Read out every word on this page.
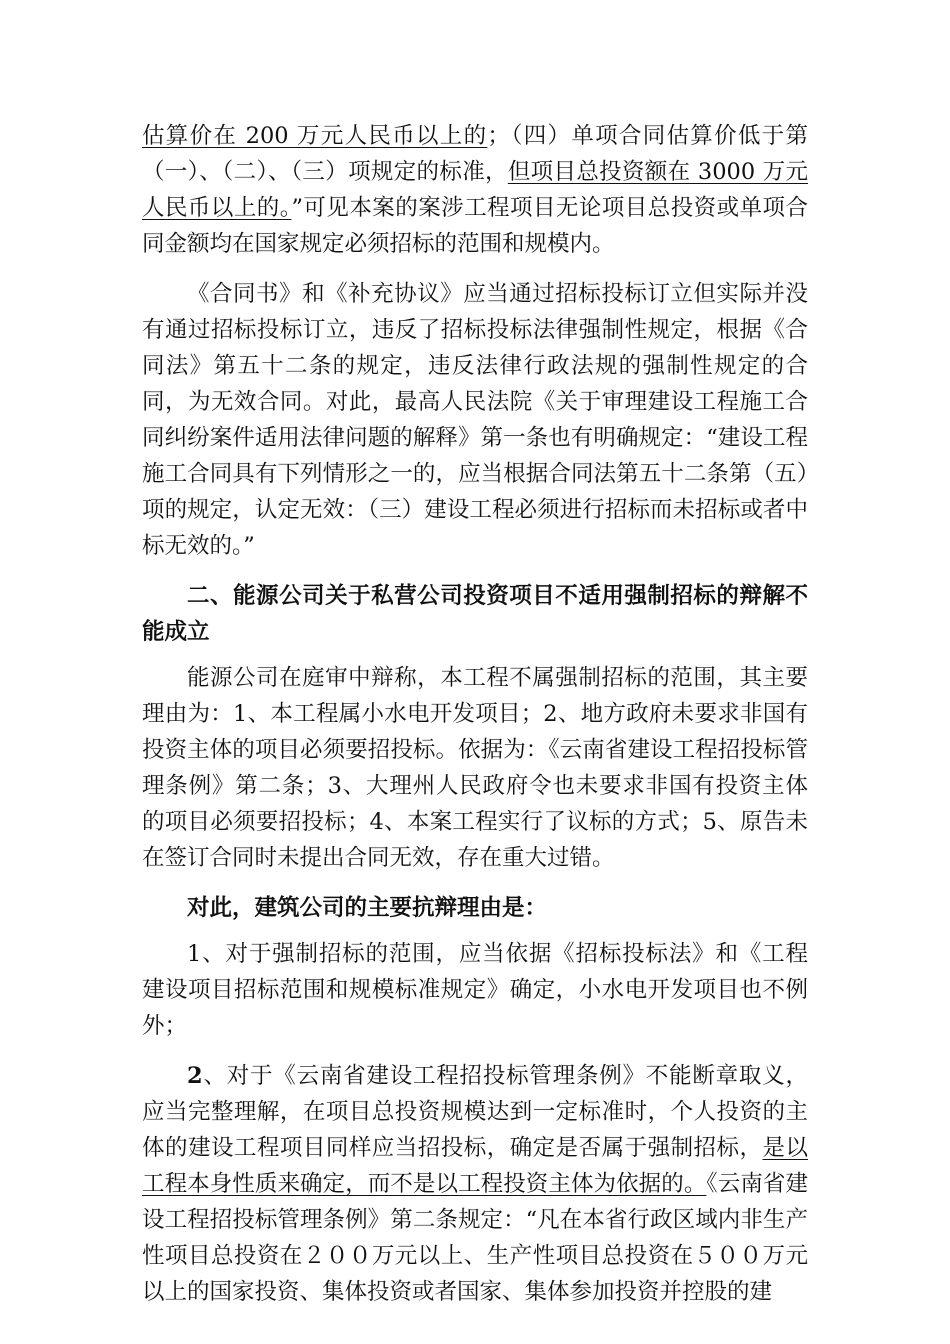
估算价在 200 万元人民币以上的；（四）单项合同估算价低于第（一）、（二）、（三）项规定的标准，但项目总投资额在 3000 万元人民币以上的。”可见本案的案涉工程项目无论项目总投资或单项合同金额均在国家规定必须招标的范围和规模内。

《合同书》和《补充协议》应当通过招标投标订立但实际并没有通过招标投标订立，违反了招标投标法律强制性规定，根据《合同法》第五十二条的规定，违反法律行政法规的强制性规定的合同，为无效合同。对此，最高人民法院《关于审理建设工程施工合同纠纷案件适用法律问题的解释》第一条也有明确规定：“建设工程施工合同具有下列情形之一的，应当根据合同法第五十二条第（五）项的规定，认定无效：（三）建设工程必须进行招标而未招标或者中标无效的。”

二、能源公司关于私营公司投资项目不适用强制招标的辩解不能成立

能源公司在庭审中辩称，本工程不属强制招标的范围，其主要理由为：1、本工程属小水电开发项目；2、地方政府未要求非国有投资主体的项目必须要招投标。依据为：《云南省建设工程招投标管理条例》第二条；3、大理州人民政府令也未要求非国有投资主体的项目必须要招投标；4、本案工程实行了议标的方式；5、原告未在签订合同时未提出合同无效，存在重大过错。

对此，建筑公司的主要抗辩理由是：

1、对于强制招标的范围，应当依据《招标投标法》和《工程建设项目招标范围和规模标准规定》确定，小水电开发项目也不例外；

2、对于《云南省建设工程招投标管理条例》不能断章取义，应当完整理解，在项目总投资规模达到一定标准时，个人投资的主体的建设工程项目同样应当招投标，确定是否属于强制招标，是以工程本身性质来确定，而不是以工程投资主体为依据的。《云南省建设工程招投标管理条例》第二条规定：“凡在本省行政区域内非生产性项目总投资在２００万元以上、生产性项目总投资在５００万元以上的国家投资、集体投资或者国家、集体参加投资并控股的建
